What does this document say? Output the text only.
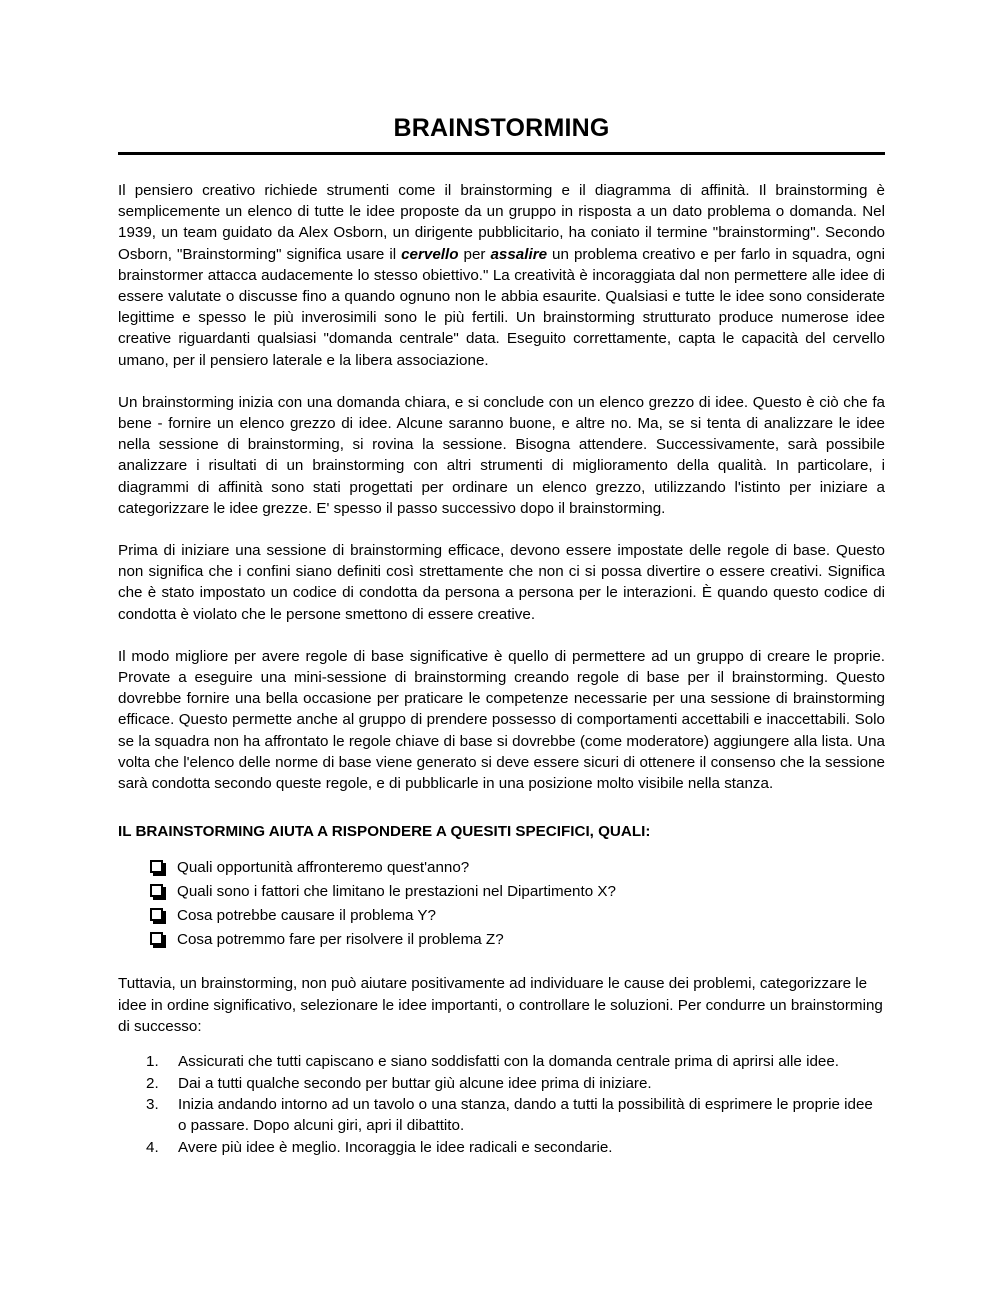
BRAINSTORMING

Il pensiero creativo richiede strumenti come il brainstorming e il diagramma di affinità. Il brainstorming è semplicemente un elenco di tutte le idee proposte da un gruppo in risposta a un dato problema o domanda. Nel 1939, un team guidato da Alex Osborn, un dirigente pubblicitario, ha coniato il termine "brainstorming". Secondo Osborn, "Brainstorming" significa usare il cervello per assalire un problema creativo e per farlo in squadra, ogni brainstormer attacca audacemente lo stesso obiettivo." La creatività è incoraggiata dal non permettere alle idee di essere valutate o discusse fino a quando ognuno non le abbia esaurite. Qualsiasi e tutte le idee sono considerate legittime e spesso le più inverosimili sono le più fertili. Un brainstorming strutturato produce numerose idee creative riguardanti qualsiasi "domanda centrale" data. Eseguito correttamente, capta le capacità del cervello umano, per il pensiero laterale e la libera associazione.

Un brainstorming inizia con una domanda chiara, e si conclude con un elenco grezzo di idee. Questo è ciò che fa bene - fornire un elenco grezzo di idee. Alcune saranno buone, e altre no. Ma, se si tenta di analizzare le idee nella sessione di brainstorming, si rovina la sessione. Bisogna attendere. Successivamente, sarà possibile analizzare i risultati di un brainstorming con altri strumenti di miglioramento della qualità. In particolare, i diagrammi di affinità sono stati progettati per ordinare un elenco grezzo, utilizzando l'istinto per iniziare a categorizzare le idee grezze. E' spesso il passo successivo dopo il brainstorming.

Prima di iniziare una sessione di brainstorming efficace, devono essere impostate delle regole di base. Questo non significa che i confini siano definiti così strettamente che non ci si possa divertire o essere creativi. Significa che è stato impostato un codice di condotta da persona a persona per le interazioni. È quando questo codice di condotta è violato che le persone smettono di essere creative.

Il modo migliore per avere regole di base significative è quello di permettere ad un gruppo di creare le proprie. Provate a eseguire una mini-sessione di brainstorming creando regole di base per il brainstorming. Questo dovrebbe fornire una bella occasione per praticare le competenze necessarie per una sessione di brainstorming efficace. Questo permette anche al gruppo di prendere possesso di comportamenti accettabili e inaccettabili. Solo se la squadra non ha affrontato le regole chiave di base si dovrebbe (come moderatore) aggiungere alla lista. Una volta che l'elenco delle norme di base viene generato si deve essere sicuri di ottenere il consenso che la sessione sarà condotta secondo queste regole, e di pubblicarle in una posizione molto visibile nella stanza.

IL BRAINSTORMING AIUTA A RISPONDERE A QUESITI SPECIFICI, QUALI:

Quali opportunità affronteremo quest'anno?
Quali sono i fattori che limitano le prestazioni nel Dipartimento X?
Cosa potrebbe causare il problema Y?
Cosa potremmo fare per risolvere il problema Z?

Tuttavia, un brainstorming, non può aiutare positivamente ad individuare le cause dei problemi, categorizzare le idee in ordine significativo, selezionare le idee importanti, o controllare le soluzioni. Per condurre un brainstorming di successo:

1.	Assicurati che tutti capiscano e siano soddisfatti con la domanda centrale prima di aprirsi alle idee.
2.	Dai a tutti qualche secondo per buttar giù alcune idee prima di iniziare.
3.	Inizia andando intorno ad un tavolo o una stanza, dando a tutti la possibilità di esprimere le proprie idee o passare. Dopo alcuni giri, apri il dibattito.
4.	Avere più idee è meglio. Incoraggia le idee radicali e secondarie.
